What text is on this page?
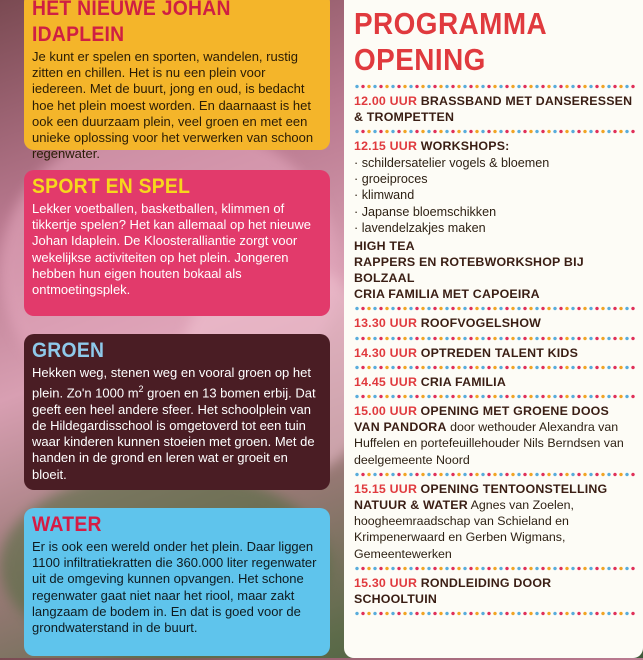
HET NIEUWE JOHAN IDAPLEIN

Je kunt er spelen en sporten, wandelen, rustig zitten en chillen. Het is nu een plein voor iedereen. Met de buurt, jong en oud, is bedacht hoe het plein moest worden. En daarnaast is het ook een duurzaam plein, veel groen en met een unieke oplossing voor het verwerken van schoon regenwater.

SPORT EN SPEL

Lekker voetballen, basketballen, klimmen of tikkertje spelen? Het kan allemaal op het nieuwe Johan Idaplein. De Kloosteralliantie zorgt voor wekelijkse activiteiten op het plein. Jongeren hebben hun eigen houten bokaal als ontmoetingsplek.

GROEN

Hekken weg, stenen weg en vooral groen op het plein. Zo'n 1000 $m^2$ groen en 13 bomen erbij. Dat geeft een heel andere sfeer. Het schoolplein van de Hildegardisschool is omgetoverd tot een tuin waar kinderen kunnen stoeien met groen. Met de handen in de grond en leren wat er groeit en bloeit.

WATER

Er is ook een wereld onder het plein. Daar liggen 1100 infiltratiekratten die 360.000 liter regenwater uit de omgeving kunnen opvangen. Het schone regenwater gaat niet naar het riool, maar zakt langzaam de bodem in. En dat is goed voor de grondwaterstand in de buurt.

PROGRAMMA OPENING
12.00 UUR BRASSBAND MET DANSERESSEN & TROMPETTEN
12.15 UUR WORKSHOPS:
· schildersatelier vogels & bloemen
· groeiproces
· klimwand
· Japanse bloemschikken
· lavendelzakjes maken
HIGH TEA
RAPPERS EN ROTEBWORKSHOP BIJ BOLZAAL
CRIA FAMILIA MET CAPOEIRA
13.30 UUR ROOFVOGELSHOW
14.30 UUR OPTREDEN TALENT KIDS
14.45 UUR CRIA FAMILIA
15.00 UUR OPENING MET GROENE DOOS VAN PANDORA door wethouder Alexandra van Huffelen en portefeuillehouder Nils Berndsen van deelgemeente Noord
15.15 UUR OPENING TENTOONSTELLING NATUUR & WATER Agnes van Zoelen, hoogheemraadschap van Schieland en Krimpenerwaard en Gerben Wigmans, Gemeentewerken
15.30 UUR RONDLEIDING DOOR SCHOOLTUIN
